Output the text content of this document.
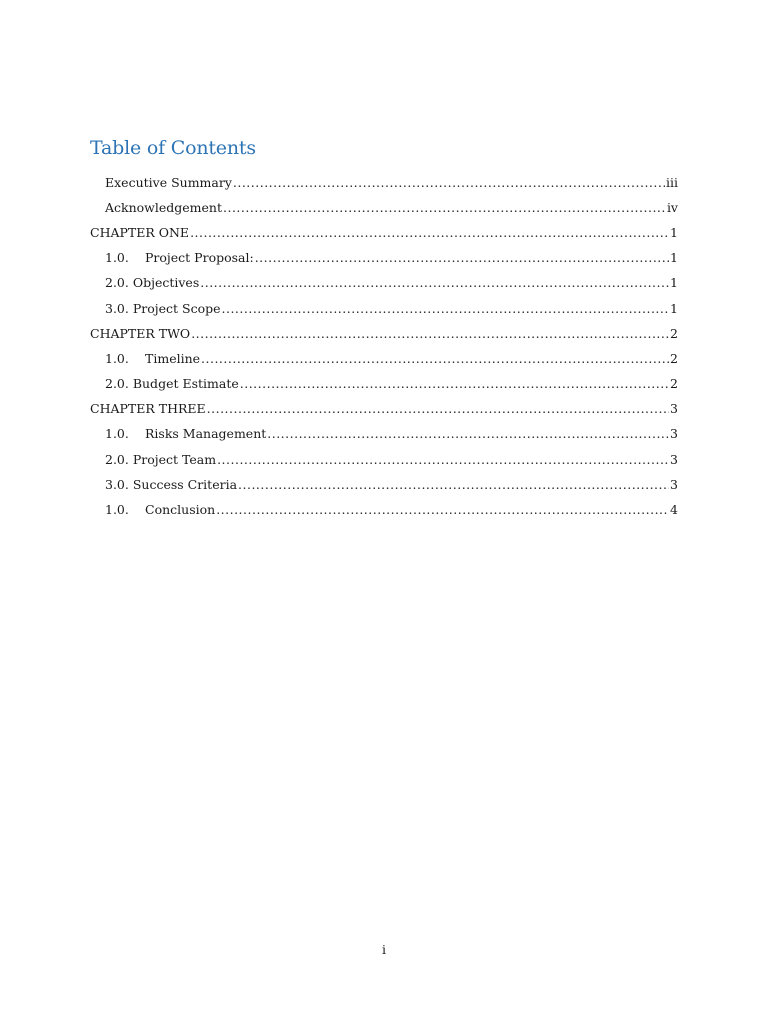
Table of Contents
Executive Summary .....	iii
Acknowledgement .....	iv
CHAPTER ONE .....	1
1.0.	Project Proposal: .....	1
2.0. Objectives .....	1
3.0. Project Scope .....	1
CHAPTER TWO .....	2
1.0.	Timeline .....	2
2.0. Budget Estimate .....	2
CHAPTER THREE .....	3
1.0.	Risks Management .....	3
2.0. Project Team .....	3
3.0. Success Criteria .....	3
1.0.	Conclusion .....	4
i
